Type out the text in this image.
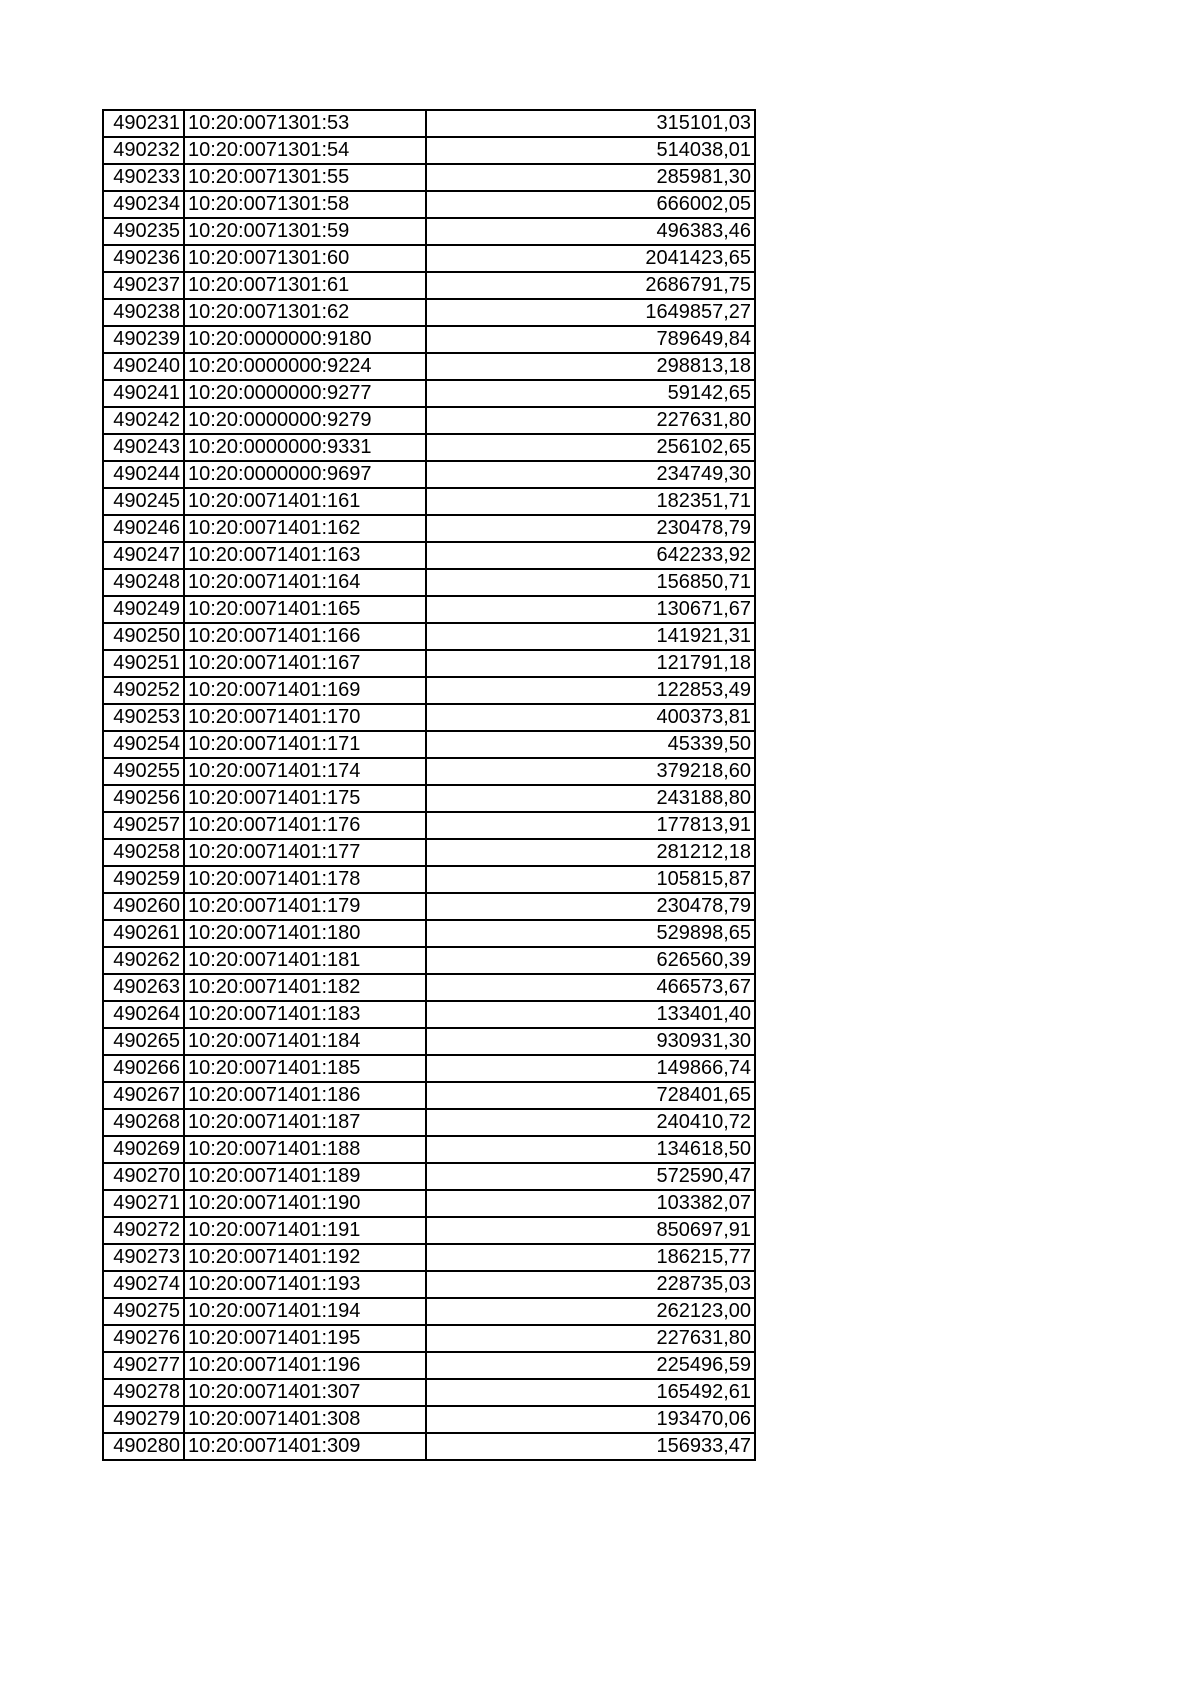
490231	10:20:0071301:53	315101,03
490232	10:20:0071301:54	514038,01
490233	10:20:0071301:55	285981,30
490234	10:20:0071301:58	666002,05
490235	10:20:0071301:59	496383,46
490236	10:20:0071301:60	2041423,65
490237	10:20:0071301:61	2686791,75
490238	10:20:0071301:62	1649857,27
490239	10:20:0000000:9180	789649,84
490240	10:20:0000000:9224	298813,18
490241	10:20:0000000:9277	59142,65
490242	10:20:0000000:9279	227631,80
490243	10:20:0000000:9331	256102,65
490244	10:20:0000000:9697	234749,30
490245	10:20:0071401:161	182351,71
490246	10:20:0071401:162	230478,79
490247	10:20:0071401:163	642233,92
490248	10:20:0071401:164	156850,71
490249	10:20:0071401:165	130671,67
490250	10:20:0071401:166	141921,31
490251	10:20:0071401:167	121791,18
490252	10:20:0071401:169	122853,49
490253	10:20:0071401:170	400373,81
490254	10:20:0071401:171	45339,50
490255	10:20:0071401:174	379218,60
490256	10:20:0071401:175	243188,80
490257	10:20:0071401:176	177813,91
490258	10:20:0071401:177	281212,18
490259	10:20:0071401:178	105815,87
490260	10:20:0071401:179	230478,79
490261	10:20:0071401:180	529898,65
490262	10:20:0071401:181	626560,39
490263	10:20:0071401:182	466573,67
490264	10:20:0071401:183	133401,40
490265	10:20:0071401:184	930931,30
490266	10:20:0071401:185	149866,74
490267	10:20:0071401:186	728401,65
490268	10:20:0071401:187	240410,72
490269	10:20:0071401:188	134618,50
490270	10:20:0071401:189	572590,47
490271	10:20:0071401:190	103382,07
490272	10:20:0071401:191	850697,91
490273	10:20:0071401:192	186215,77
490274	10:20:0071401:193	228735,03
490275	10:20:0071401:194	262123,00
490276	10:20:0071401:195	227631,80
490277	10:20:0071401:196	225496,59
490278	10:20:0071401:307	165492,61
490279	10:20:0071401:308	193470,06
490280	10:20:0071401:309	156933,47
